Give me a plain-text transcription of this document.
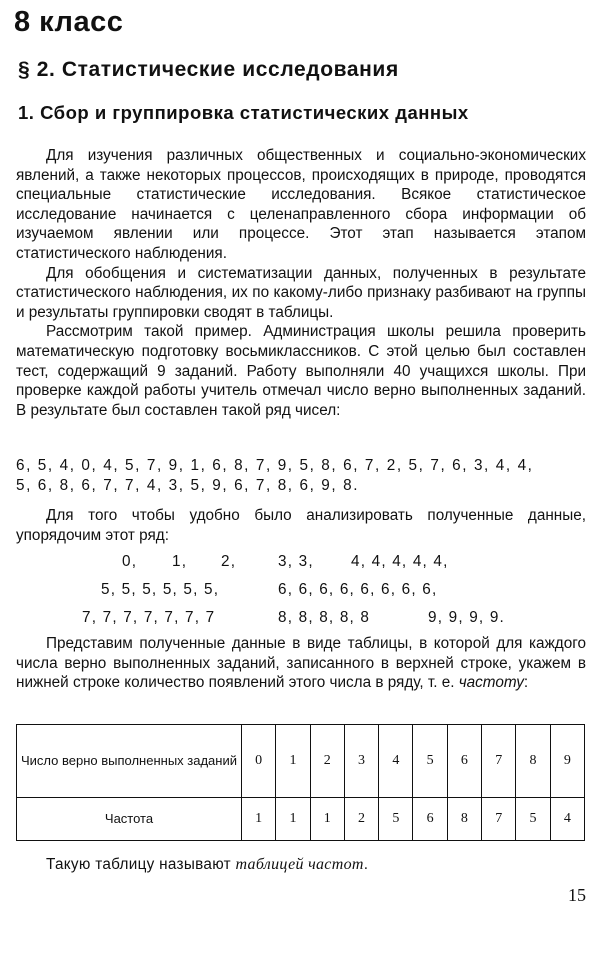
8 класс
§ 2. Статистические исследования
1. Сбор и группировка статистических данных

Для изучения различных общественных и социально-экономических явлений, а также некоторых процессов, происходящих в природе, проводятся специальные статистические исследования. Всякое статистическое исследование начинается с целенаправленного сбора информации об изучаемом явлении или процессе. Этот этап называется этапом статистического наблюдения.

Для обобщения и систематизации данных, полученных в результате статистического наблюдения, их по какому-либо признаку разбивают на группы и результаты группировки сводят в таблицы.

Рассмотрим такой пример. Администрация школы решила проверить математическую подготовку восьмиклассников. С этой целью был составлен тест, содержащий 9 заданий. Работу выполняли 40 учащихся школы. При проверке каждой работы учитель отмечал число верно выполненных заданий. В результате был составлен такой ряд чисел:

6, 5, 4, 0, 4, 5, 7, 9, 1, 6, 8, 7, 9, 5, 8, 6, 7, 2, 5, 7, 6, 3, 4, 4,

5, 6, 8, 6, 7, 7, 4, 3, 5, 9, 6, 7, 8, 6, 9, 8.

Для того чтобы удобно было анализировать полученные данные, упорядочим этот ряд:

0, 1, 2,	3, 3, 4, 4, 4, 4, 4,
5, 5, 5, 5, 5, 5,	6, 6, 6, 6, 6, 6, 6, 6,
7, 7, 7, 7, 7, 7, 7	8, 8, 8, 8, 8	9, 9, 9, 9.

Представим полученные данные в виде таблицы, в которой для каждого числа верно выполненных заданий, записанного в верхней строке, укажем в нижней строке количество появлений этого числа в ряду, т. е. частоту:

Число верно выполненных заданий	0	1	2	3	4	5	6	7	8	9
Частота	1	1	1	2	5	6	8	7	5	4
Такую таблицу называют таблицей частот.
15
